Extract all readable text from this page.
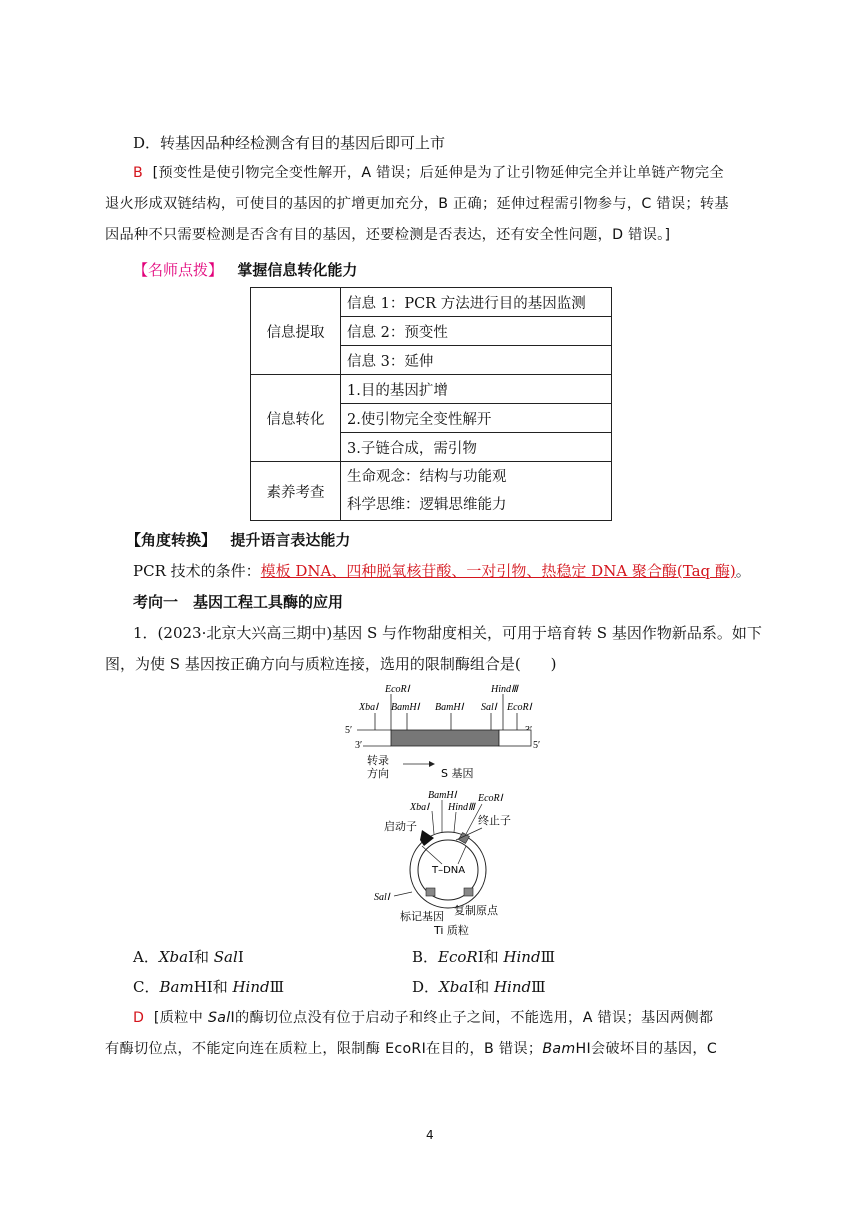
D．转基因品种经检测含有目的基因后即可上市
B [预变性是使引物完全变性解开，A 错误；后延伸是为了让引物延伸完全并让单链产物完全
退火形成双链结构，可使目的基因的扩增更加充分，B 正确；延伸过程需引物参与，C 错误；转基
因品种不只需要检测是否含有目的基因，还要检测是否表达，还有安全性问题，D 错误。]
【名师点拨】 掌握信息转化能力
信息提取	信息 1：PCR 方法进行目的基因监测
	信息 2：预变性
	信息 3：延伸
信息转化	1.目的基因扩增
	2.使引物完全变性解开
	3.子链合成，需引物
素养考查	生命观念：结构与功能观
科学思维：逻辑思维能力
【角度转换】 提升语言表达能力
PCR 技术的条件：模板 DNA、四种脱氧核苷酸、一对引物、热稳定 DNA 聚合酶(Taq 酶)。
考向一　基因工程工具酶的应用
1．(2023·北京大兴高三期中)基因 S 与作物甜度相关，可用于培育转 S 基因作物新品系。如下
图，为使 S 基因按正确方向与质粒连接，选用的限制酶组合是(　　)
EcoRⅠ	HindⅢ
XbaⅠ BamHⅠ BamHⅠ SalⅠ EcoRⅠ
5′
3′	5′
转录
方向	S 基因
BamHⅠ EcoRⅠ
XbaⅠ HindⅢ
启动子	终止子
T–DNA
SalⅠ
标记基因 复制原点
Ti 质粒
A．XbaⅠ和 SalⅠ	B．EcoRⅠ和 HindⅢ
C．BamHⅠ和 HindⅢ	D．XbaⅠ和 HindⅢ
D [质粒中 SalⅠ的酶切位点没有位于启动子和终止子之间，不能选用，A 错误；基因两侧都
有酶切位点，不能定向连在质粒上，限制酶 EcoRⅠ在目的，B 错误；BamHⅠ会破坏目的基因，C
4
